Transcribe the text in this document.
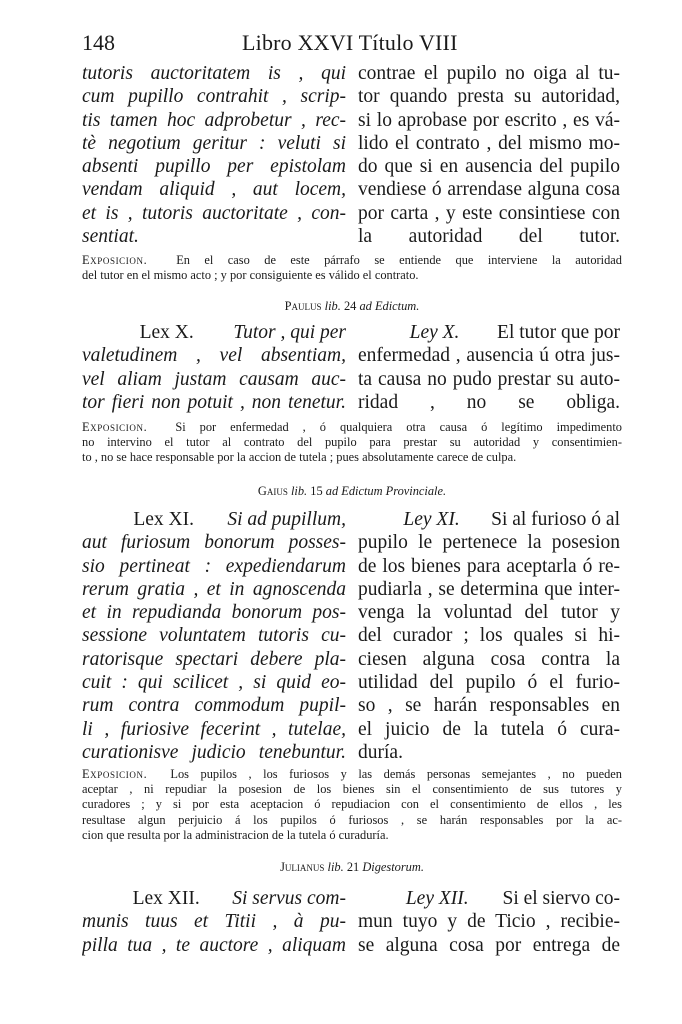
148	Libro XXVI Título VIII
tutoris auctoritatem is , qui
cum pupillo contrahit , scrip-
tis tamen hoc adprobetur , rec-
tè negotium geritur : veluti si
absenti pupillo per epistolam
vendam aliquid , aut locem,
et is , tutoris auctoritate , con-
sentiat.
contrae el pupilo no oiga al tu-
tor quando presta su autoridad,
si lo aprobase por escrito , es vá-
lido el contrato , del mismo mo-
do que si en ausencia del pupilo
vendiese ó arrendase alguna cosa
por carta , y este consintiese con
la autoridad del tutor.
Exposicion. En el caso de este párrafo se entiende que interviene la autoridad
del tutor en el mismo acto ; y por consiguiente es válido el contrato.
Paulus lib. 24 ad Edictum.
Lex X. Tutor , qui per
valetudinem , vel absentiam,
vel aliam justam causam auc-
tor fieri non potuit , non tenetur.
Ley X. El tutor que por
enfermedad , ausencia ú otra jus-
ta causa no pudo prestar su auto-
ridad , no se obliga.
Exposicion. Si por enfermedad , ó qualquiera otra causa ó legítimo impedimento
no intervino el tutor al contrato del pupilo para prestar su autoridad y consentimien-
to , no se hace responsable por la accion de tutela ; pues absolutamente carece de culpa.
Gaius lib. 15 ad Edictum Provinciale.
Lex XI. Si ad pupillum,
aut furiosum bonorum posses-
sio pertineat : expediendarum
rerum gratia , et in agnoscenda
et in repudianda bonorum pos-
sessione voluntatem tutoris cu-
ratorisque spectari debere pla-
cuit : qui scilicet , si quid eo-
rum contra commodum pupil-
li , furiosive fecerint , tutelae,
curationisve judicio tenebuntur.
Ley XI. Si al furioso ó al
pupilo le pertenece la posesion
de los bienes para aceptarla ó re-
pudiarla , se determina que inter-
venga la voluntad del tutor y
del curador ; los quales si hi-
ciesen alguna cosa contra la
utilidad del pupilo ó el furio-
so , se harán responsables en
el juicio de la tutela ó cura-
duría.
Exposicion. Los pupilos , los furiosos y las demás personas semejantes , no pueden
aceptar , ni repudiar la posesion de los bienes sin el consentimiento de sus tutores y
curadores ; y si por esta aceptacion ó repudiacion con el consentimiento de ellos , les
resultase algun perjuicio á los pupilos ó furiosos , se harán responsables por la ac-
cion que resulta por la administracion de la tutela ó curaduría.
Julianus lib. 21 Digestorum.
Lex XII. Si servus com-
munis tuus et Titii , à pu-
pilla tua , te auctore , aliquam
Ley XII. Si el siervo co-
mun tuyo y de Ticio , recibie-
se alguna cosa por entrega de
